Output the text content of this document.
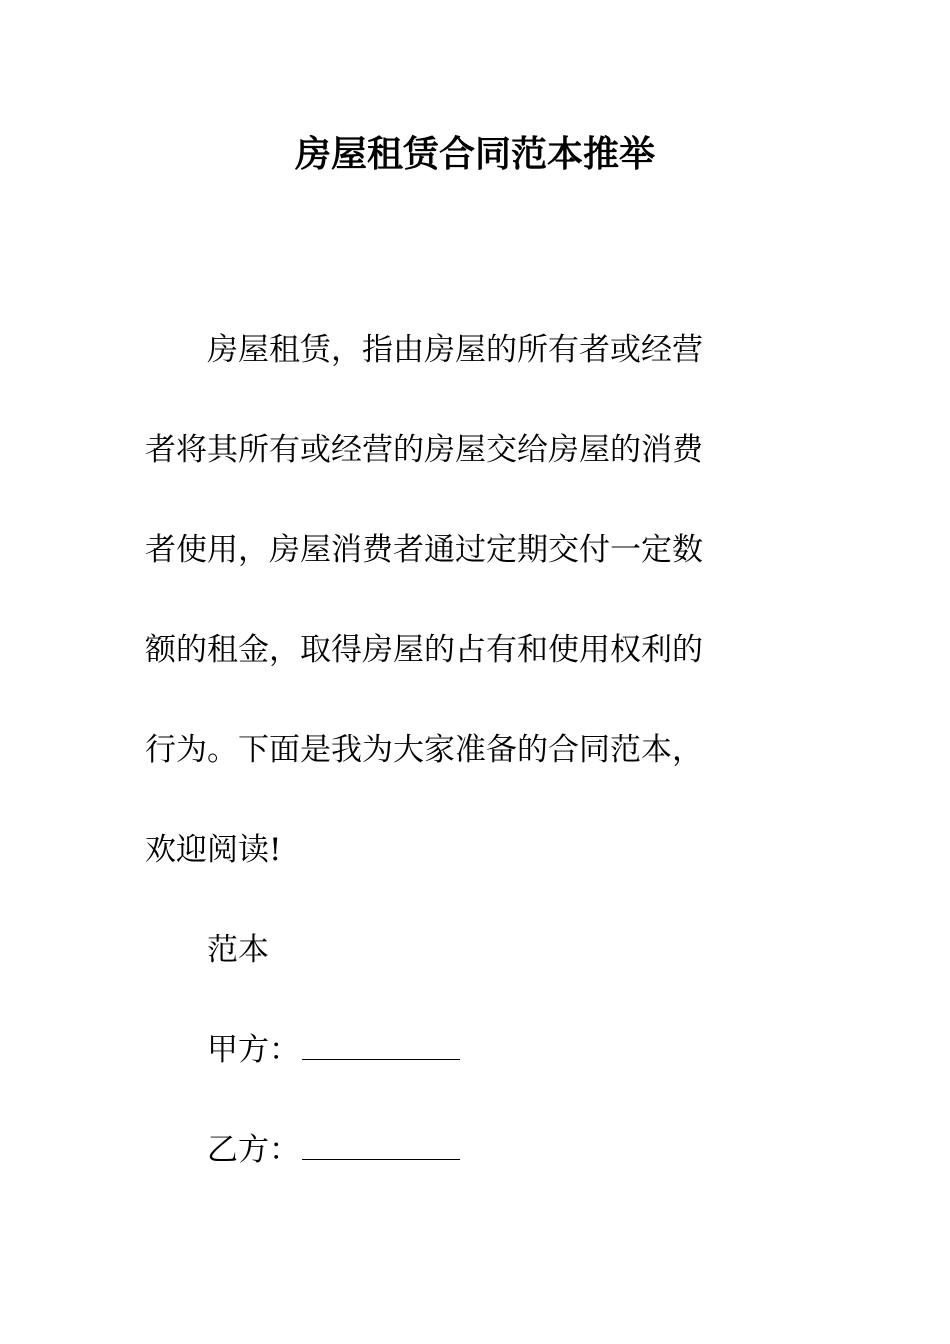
房屋租赁合同范本推举

房屋租赁，指由房屋的所有者或经营

者将其所有或经营的房屋交给房屋的消费

者使用，房屋消费者通过定期交付一定数

额的租金，取得房屋的占有和使用权利的

行为。下面是我为大家准备的合同范本，

欢迎阅读!

范本

甲方：

乙方：
